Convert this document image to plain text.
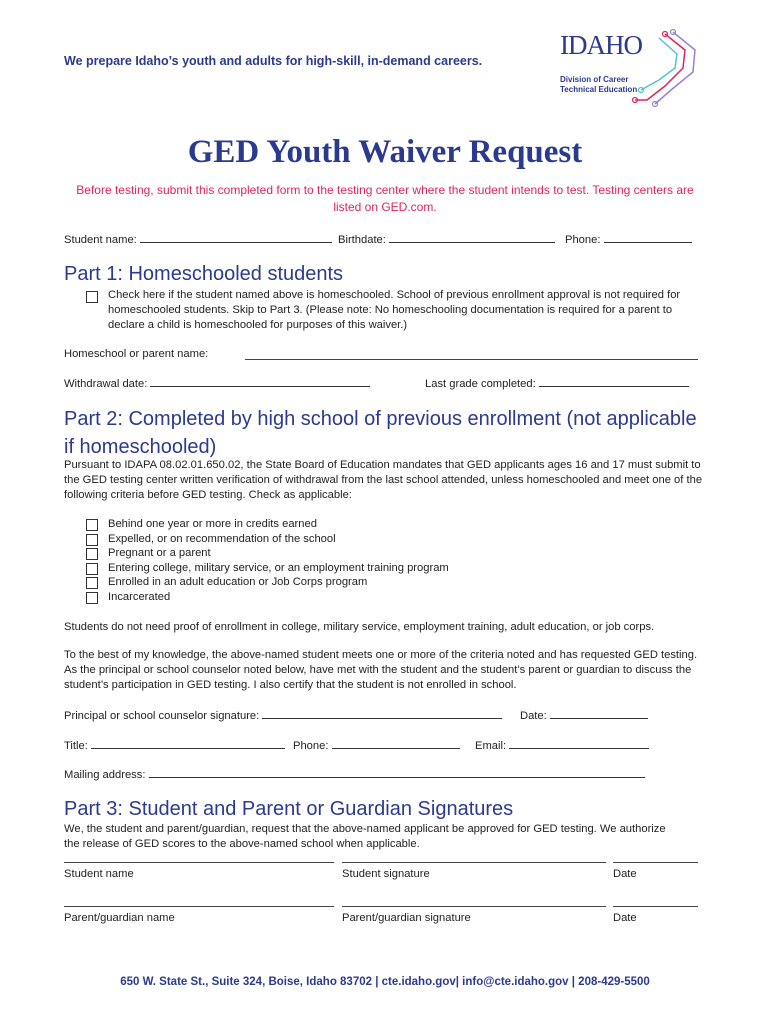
We prepare Idaho’s youth and adults for high-skill, in-demand careers.
IDAHO
Division of Career
Technical Education
GED Youth Waiver Request
Before testing, submit this completed form to the testing center where the student intends to test. Testing centers are listed on GED.com.
Student name:	Birthdate:	Phone:
Part 1: Homeschooled students
Check here if the student named above is homeschooled. School of previous enrollment approval is not required for homeschooled students. Skip to Part 3. (Please note: No homeschooling documentation is required for a parent to declare a child is homeschooled for purposes of this waiver.)
Homeschool or parent name:
Withdrawal date:	Last grade completed:
Part 2: Completed by high school of previous enrollment (not applicable if homeschooled)
Pursuant to IDAPA 08.02.01.650.02, the State Board of Education mandates that GED applicants ages 16 and 17 must submit to the GED testing center written verification of withdrawal from the last school attended, unless homeschooled and meet one of the following criteria before GED testing. Check as applicable:
Behind one year or more in credits earned
Expelled, or on recommendation of the school
Pregnant or a parent
Entering college, military service, or an employment training program
Enrolled in an adult education or Job Corps program
Incarcerated
Students do not need proof of enrollment in college, military service, employment training, adult education, or job corps.
To the best of my knowledge, the above-named student meets one or more of the criteria noted and has requested GED testing. As the principal or school counselor noted below, have met with the student and the student’s parent or guardian to discuss the student’s participation in GED testing. I also certify that the student is not enrolled in school.
Principal or school counselor signature:	Date:
Title:	Phone:	Email:
Mailing address:
Part 3: Student and Parent or Guardian Signatures
We, the student and parent/guardian, request that the above-named applicant be approved for GED testing. We authorize the release of GED scores to the above-named school when applicable.
Student name	Student signature	Date
Parent/guardian name	Parent/guardian signature	Date
650 W. State St., Suite 324, Boise, Idaho 83702 | cte.idaho.gov| info@cte.idaho.gov | 208-429-5500
